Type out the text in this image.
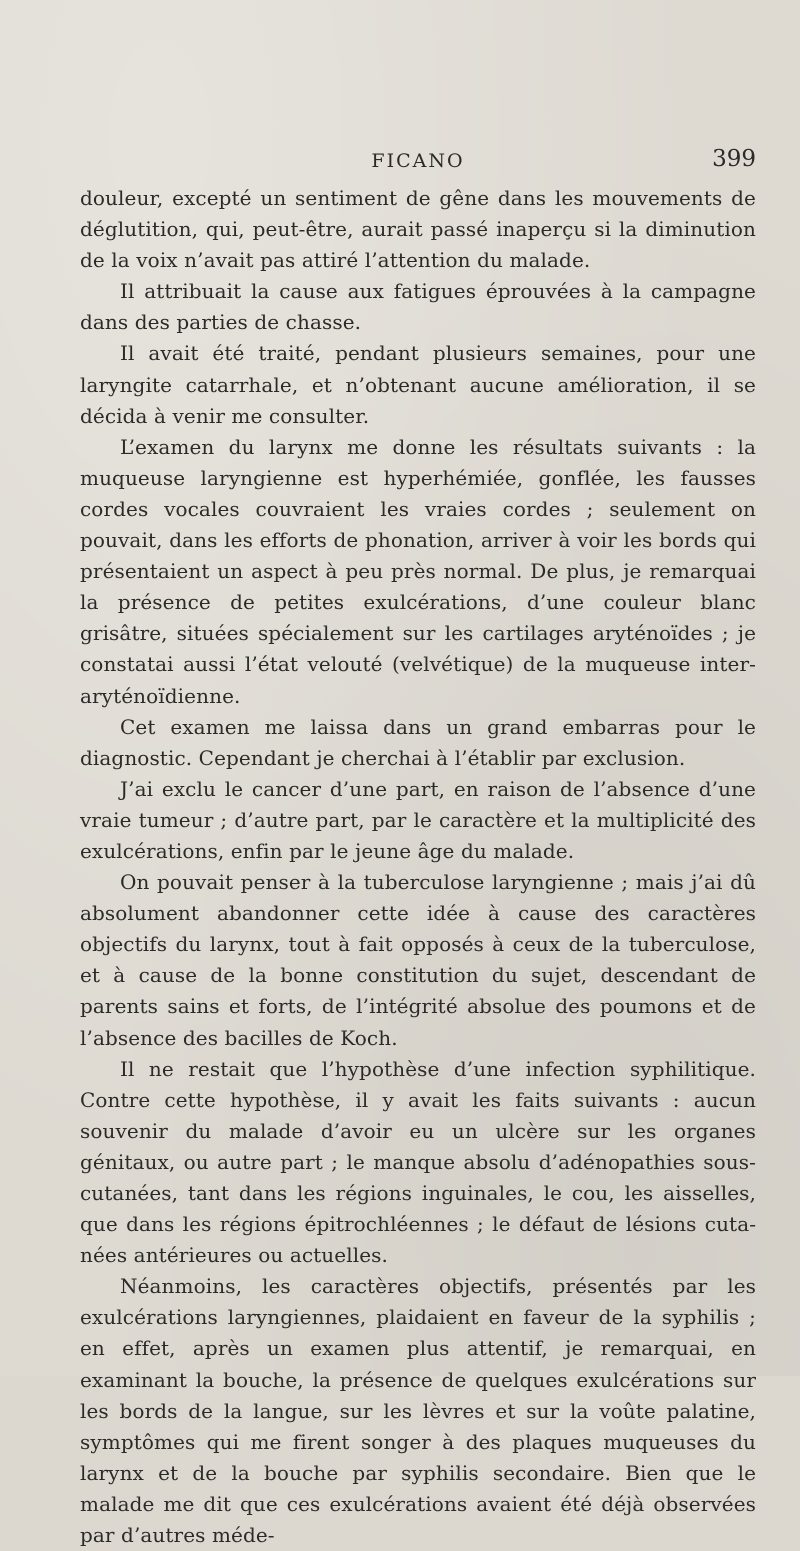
FICANO	399

douleur, excepté un sentiment de gêne dans les mouvements de déglutition, qui, peut-être, aurait passé inaperçu si la diminution de la voix n’avait pas attiré l’attention du malade.

Il attribuait la cause aux fatigues éprouvées à la campagne dans des parties de chasse.

Il avait été traité, pendant plusieurs semaines, pour une laryngite catarrhale, et n’obtenant aucune amélioration, il se décida à venir me consulter.

L’examen du larynx me donne les résultats suivants : la muqueuse laryngienne est hyperhémiée, gonflée, les fausses cordes vocales couvraient les vraies cordes ; seulement on pouvait, dans les efforts de phonation, arriver à voir les bords qui présentaient un aspect à peu près normal. De plus, je remarquai la présence de petites exulcérations, d’une couleur blanc grisâtre, situées spécialement sur les cartilages aryténoïdes ; je constatai aussi l’état velouté (velvétique) de la muqueuse inter-aryténoïdienne.

Cet examen me laissa dans un grand embarras pour le diagnostic. Cependant je cherchai à l’établir par exclusion.

J’ai exclu le cancer d’une part, en raison de l’absence d’une vraie tumeur ; d’autre part, par le caractère et la multiplicité des exulcérations, enfin par le jeune âge du malade.

On pouvait penser à la tuberculose laryngienne ; mais j’ai dû absolument abandonner cette idée à cause des caractères objectifs du larynx, tout à fait opposés à ceux de la tuberculose, et à cause de la bonne constitution du sujet, descendant de parents sains et forts, de l’intégrité absolue des poumons et de l’absence des bacilles de Koch.

Il ne restait que l’hypothèse d’une infection syphilitique. Contre cette hypothèse, il y avait les faits suivants : aucun souvenir du malade d’avoir eu un ulcère sur les organes génitaux, ou autre part ; le manque absolu d’adénopathies sous-cutanées, tant dans les régions inguinales, le cou, les aisselles, que dans les régions épitrochléennes ; le défaut de lésions cutanées antérieures ou actuelles.

Néanmoins, les caractères objectifs, présentés par les exulcérations laryngiennes, plaidaient en faveur de la syphilis ; en effet, après un examen plus attentif, je remarquai, en examinant la bouche, la présence de quelques exulcérations sur les bords de la langue, sur les lèvres et sur la voûte palatine, symptômes qui me firent songer à des plaques muqueuses du larynx et de la bouche par syphilis secondaire. Bien que le malade me dit que ces exulcérations avaient été déjà observées par d’autres méde-
